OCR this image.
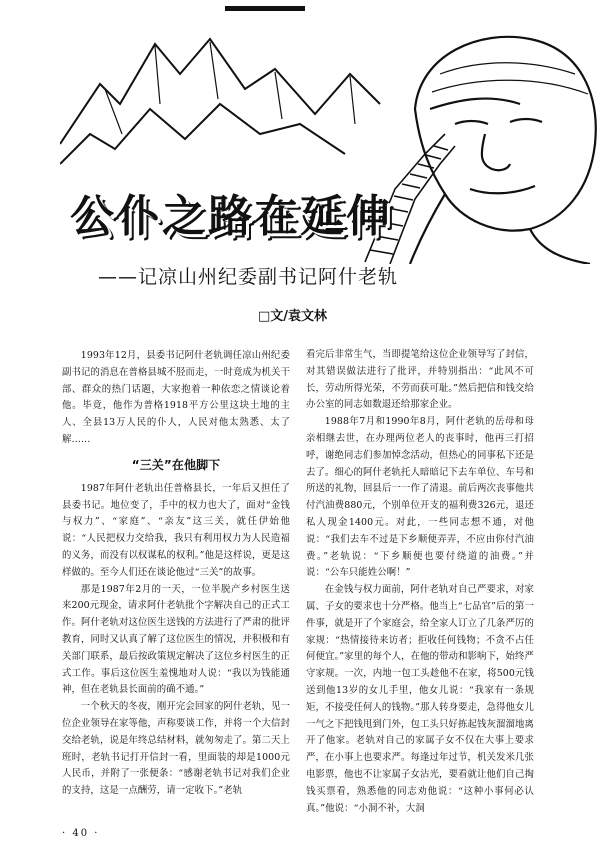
公仆之路在延伸
——记凉山州纪委副书记阿什老轨
□文/袁文林

1993年12月，县委书记阿什老轨调任凉山州纪委副书记的消息在普格县城不胫而走，一时竟成为机关干部、群众的热门话题，大家抱着一种依恋之情谈论着他。毕竟，他作为普格1918平方公里这块土地的主人、全县13万人民的仆人，人民对他太熟悉、太了解……

“三关”在他脚下

1987年阿什老轨出任普格县长，一年后又担任了县委书记。地位变了，手中的权力也大了，面对“金钱与权力”、“家庭”、“亲友”这三关，就任伊始他说：“人民把权力交给我，我只有利用权力为人民造福的义务，而没有以权谋私的权利。”他是这样说，更是这样做的。至今人们还在谈论他过“三关”的故事。

那是1987年2月的一天，一位半脱产乡村医生送来200元现金，请求阿什老轨批个字解决自己的正式工作。阿什老轨对这位医生送钱的方法进行了严肃的批评教育，同时又认真了解了这位医生的情况，并积极和有关部门联系，最后按政策规定解决了这位乡村医生的正式工作。事后这位医生羞愧地对人说：“我以为钱能通神，但在老轨县长面前的确不通。”

一个秋天的冬夜，刚开完会回家的阿什老轨，见一位企业领导在家等他，声称要谈工作，并将一个大信封交给老轨，说是年终总结材料，就匆匆走了。第二天上班时，老轨书记打开信封一看，里面装的却是1000元人民币，并附了一张便条：“感谢老轨书记对我们企业的支持，这是一点酬劳，请一定收下。”老轨

看完后非常生气，当即提笔给这位企业领导写了封信，对其错误做法进行了批评，并特别指出：“此风不可长，劳动所得光荣，不劳而获可耻。”然后把信和钱交给办公室的同志如数退还给那家企业。

1988年7月和1990年8月，阿什老轨的岳母和母亲相继去世，在办理两位老人的丧事时，他再三打招呼，谢绝同志们参加悼念活动，但热心的同事私下还是去了。细心的阿什老轨托人暗暗记下去车单位、车号和所送的礼物，回县后一一作了清退。前后两次丧事他共付汽油费880元，个别单位开支的福利费326元，退还私人现金1400元。对此，一些同志想不通，对他说：“我们去车不过是下乡顺便弄弄，不应由你付汽油费。”老轨说：“下乡顺便也要付绕道的油费。”并说：“公车只能姓公啊！”

在金钱与权力面前，阿什老轨对自己严要求，对家属、子女的要求也十分严格。他当上“七品官”后的第一件事，就是开了个家庭会，给全家人订立了几条严厉的家规：“热情接待来访者；拒收任何钱物；不贪不占任何便宜。”家里的每个人，在他的带动和影响下，始终严守家规。一次，内地一包工头趁他不在家，将500元钱送到他13岁的女儿手里，他女儿说：“我家有一条规矩，不接受任何人的钱物。”那人转身要走，急得他女儿一气之下把钱甩到门外，包工头只好拣起钱灰溜溜地离开了他家。老轨对自己的家属子女不仅在大事上要求严，在小事上也要求严。每逢过年过节，机关发米几张电影票，他也不让家属子女沾光，要看就让他们自己掏钱买票看，熟悉他的同志劝他说：“这种小事何必认真。”他说：“小洞不补，大洞

· 40 ·
